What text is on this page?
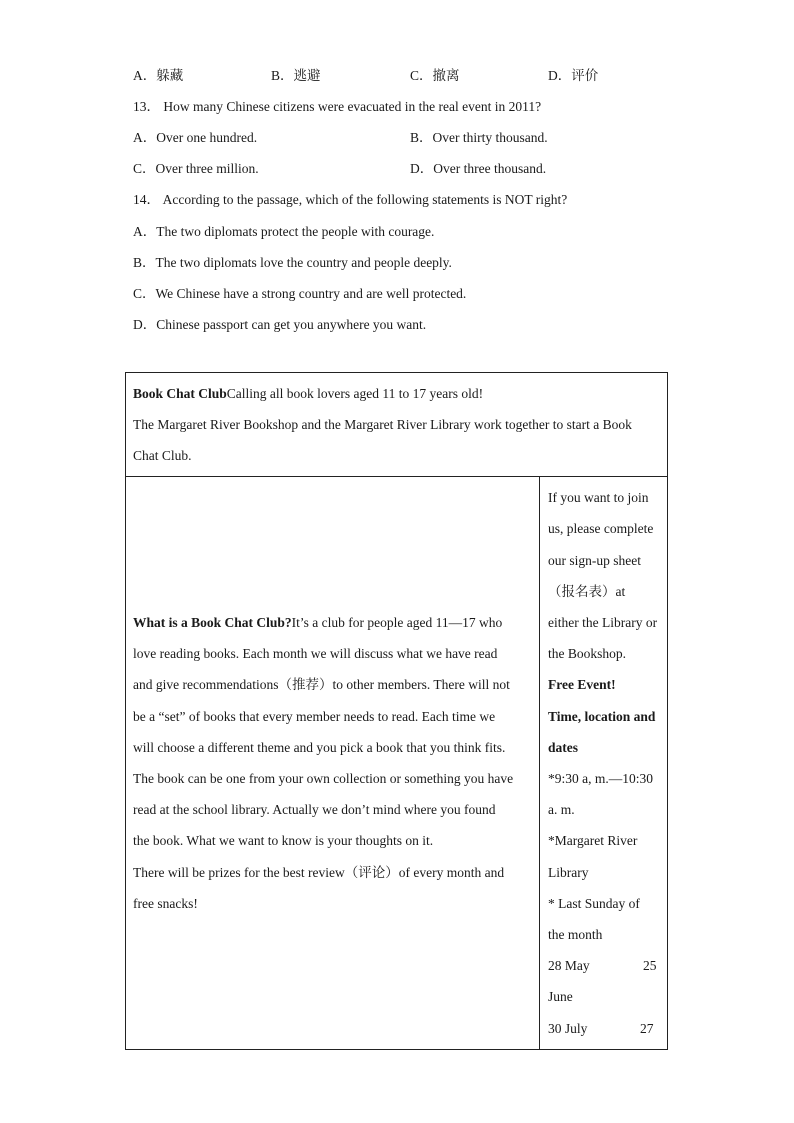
A．躲藏	B．逃避	C．撤离	D．评价
13． How many Chinese citizens were evacuated in the real event in 2011?
A．Over one hundred.	B．Over thirty thousand.
C．Over three million.	D．Over three thousand.
14． According to the passage, which of the following statements is NOT right?
A．The two diplomats protect the people with courage.
B．The two diplomats love the country and people deeply.
C．We Chinese have a strong country and are well protected.
D．Chinese passport can get you anywhere you want.
Book Chat ClubCalling all book lovers aged 11 to 17 years old!
The Margaret River Bookshop and the Margaret River Library work together to start a Book
Chat Club.
What is a Book Chat Club?It’s a club for people aged 11—17 who
love reading books. Each month we will discuss what we have read
and give recommendations（推荐）to other members. There will not
be a “set” of books that every member needs to read. Each time we
will choose a different theme and you pick a book that you think fits.
The book can be one from your own collection or something you have
read at the school library. Actually we don’t mind where you found
the book. What we want to know is your thoughts on it.
There will be prizes for the best review（评论）of every month and
free snacks!
If you want to join
us, please complete
our sign-up sheet
（报名表）at
either the Library or
the Bookshop.
Free Event!
Time, location and
dates
*9:30 a, m.—10:30
a. m.
*Margaret River
Library
* Last Sunday of
the month
28 May	25
June
30 July	27
